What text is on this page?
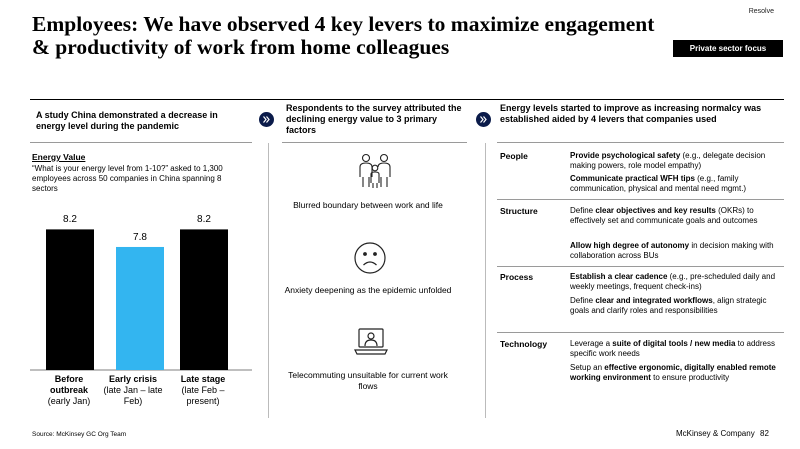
Employees: We have observed 4 key levers to maximize engagement & productivity of work from home colleagues
Resolve
Private sector focus
A study China demonstrated a decrease in energy level during the pandemic
Energy Value
“What is your energy level from 1-10?” asked to 1,300 employees across 50 companies in China spanning 8 sectors
8.2
7.8
8.2
Before outbreak
(early Jan)
Early crisis
(late Jan – late Feb)
Late stage
(late Feb – present)
Respondents to the survey attributed the declining energy value to 3 primary factors
Blurred boundary between work and life
Anxiety deepening as the epidemic unfolded
Telecommuting unsuitable for current work flows
Energy levels started to improve as increasing normalcy was established aided by 4 levers that companies used
People	Provide psychological safety (e.g., delegate decision making powers, role model empathy)
Communicate practical WFH tips (e.g., family communication, physical and mental need mgmt.)
Structure	Define clear objectives and key results (OKRs) to effectively set and communicate goals and outcomes
Allow high degree of autonomy in decision making with collaboration across BUs
Process	Establish a clear cadence (e.g., pre-scheduled daily and weekly meetings, frequent check-ins)
Define clear and integrated workflows, align strategic goals and clarify roles and responsibilities
Technology	Leverage a suite of digital tools / new media to address specific work needs
Setup an effective ergonomic, digitally enabled remote working environment to ensure productivity
Source: McKinsey GC Org Team	McKinsey & Company 82
